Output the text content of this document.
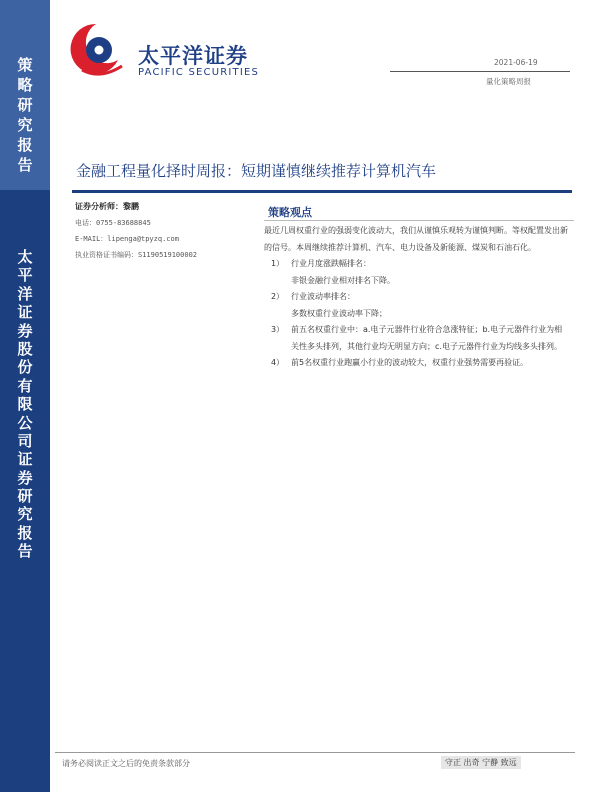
策
略
研
究
报
告
太
平
洋
证
券
股
份
有
限
公
司
证
券
研
究
报
告
太平洋证券
PACIFIC SECURITIES
2021-06-19
量化策略周报
金融工程量化择时周报：短期谨慎继续推荐计算机汽车
证券分析师：黎鹏
电话：0755-83688845
E-MAIL：lipenga@tpyzq.com
执业资格证书编码：S1190519100002
策略观点

最近几周权重行业的强弱变化波动大，我们从谨慎乐观转为谨慎判断。等权配置发出新的信号。本周继续推荐计算机、汽车、电力设备及新能源、煤炭和石油石化。

1） 行业月度涨跌幅排名：
非银金融行业相对排名下降。
2） 行业波动率排名：
多数权重行业波动率下降；
3） 前五名权重行业中：a.电子元器件行业符合急涨特征；b.电子元器件行业为相关性多头排列，其他行业均无明显方向；c.电子元器件行业为均线多头排列。
4） 前5名权重行业跑赢小行业的波动较大，权重行业强势需要再验证。
请务必阅读正文之后的免责条款部分	守正 出奇 宁静 致远
